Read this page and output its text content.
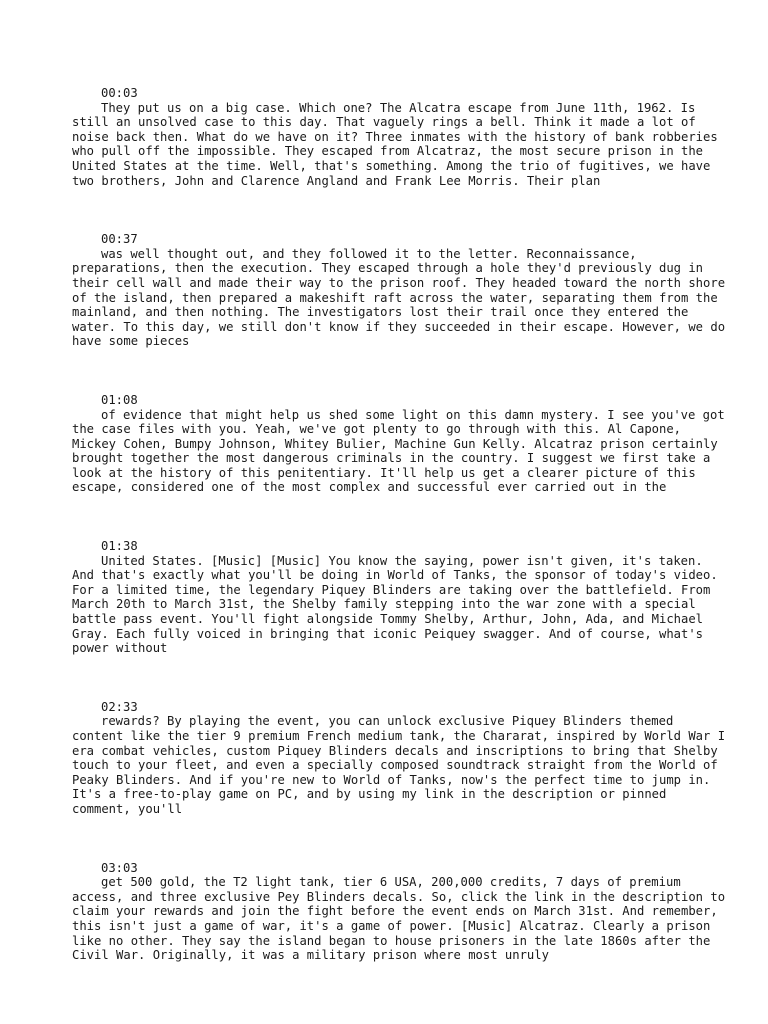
00:03

They put us on a big case. Which one? The Alcatra escape from June 11th, 1962. Is still an unsolved case to this day. That vaguely rings a bell. Think it made a lot of noise back then. What do we have on it? Three inmates with the history of bank robberies who pull off the impossible. They escaped from Alcatraz, the most secure prison in the United States at the time. Well, that's something. Among the trio of fugitives, we have two brothers, John and Clarence Angland and Frank Lee Morris. Their plan

00:37

was well thought out, and they followed it to the letter. Reconnaissance, preparations, then the execution. They escaped through a hole they'd previously dug in their cell wall and made their way to the prison roof. They headed toward the north shore of the island, then prepared a makeshift raft across the water, separating them from the mainland, and then nothing. The investigators lost their trail once they entered the water. To this day, we still don't know if they succeeded in their escape. However, we do have some pieces

01:08

of evidence that might help us shed some light on this damn mystery. I see you've got the case files with you. Yeah, we've got plenty to go through with this. Al Capone, Mickey Cohen, Bumpy Johnson, Whitey Bulier, Machine Gun Kelly. Alcatraz prison certainly brought together the most dangerous criminals in the country. I suggest we first take a look at the history of this penitentiary. It'll help us get a clearer picture of this escape, considered one of the most complex and successful ever carried out in the

01:38

United States. [Music] [Music] You know the saying, power isn't given, it's taken. And that's exactly what you'll be doing in World of Tanks, the sponsor of today's video. For a limited time, the legendary Piquey Blinders are taking over the battlefield. From March 20th to March 31st, the Shelby family stepping into the war zone with a special battle pass event. You'll fight alongside Tommy Shelby, Arthur, John, Ada, and Michael Gray. Each fully voiced in bringing that iconic Peiquey swagger. And of course, what's power without

02:33

rewards? By playing the event, you can unlock exclusive Piquey Blinders themed content like the tier 9 premium French medium tank, the Chararat, inspired by World War I era combat vehicles, custom Piquey Blinders decals and inscriptions to bring that Shelby touch to your fleet, and even a specially composed soundtrack straight from the World of Peaky Blinders. And if you're new to World of Tanks, now's the perfect time to jump in. It's a free-to-play game on PC, and by using my link in the description or pinned comment, you'll

03:03

get 500 gold, the T2 light tank, tier 6 USA, 200,000 credits, 7 days of premium access, and three exclusive Pey Blinders decals. So, click the link in the description to claim your rewards and join the fight before the event ends on March 31st. And remember, this isn't just a game of war, it's a game of power. [Music] Alcatraz. Clearly a prison like no other. They say the island began to house prisoners in the late 1860s after the Civil War. Originally, it was a military prison where most unruly
